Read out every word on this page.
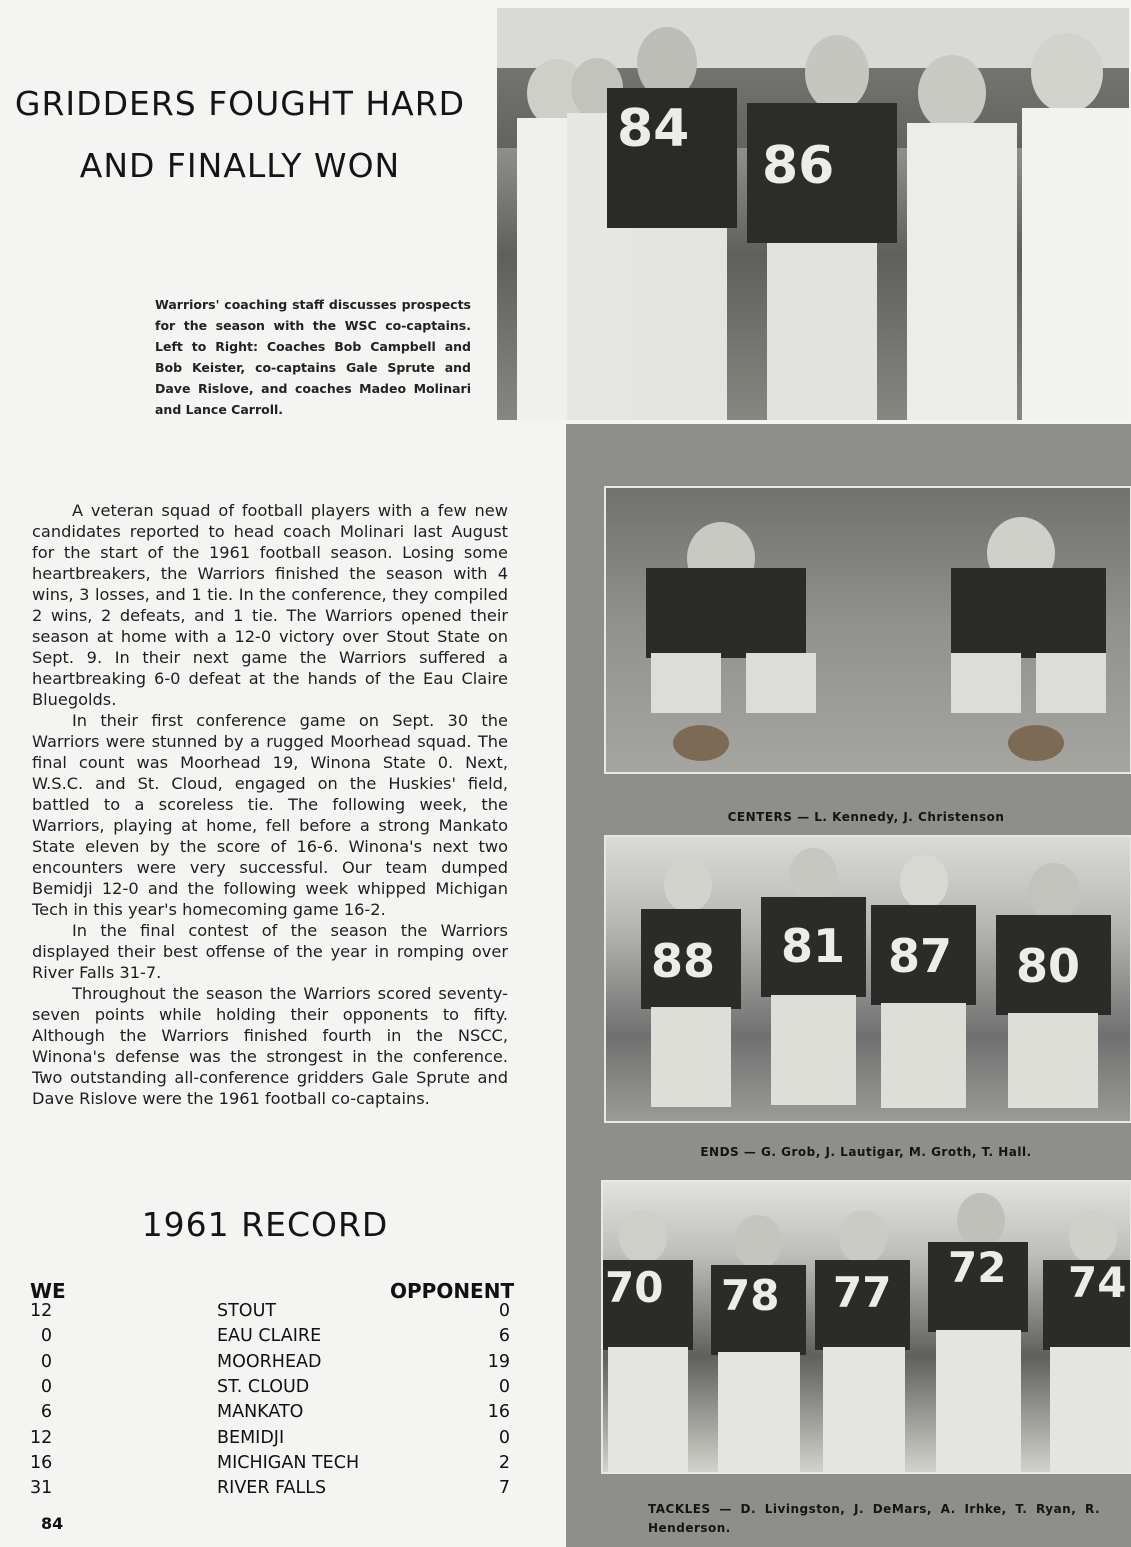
GRIDDERS FOUGHT HARD
AND FINALLY WON
84
86
Warriors' coaching staff discusses prospects for the season with the WSC co-captains. Left to Right: Coaches Bob Campbell and Bob Keister, co-captains Gale Sprute and Dave Rislove, and coaches Madeo Molinari and Lance Carroll.
CENTERS — L. Kennedy, J. Christenson
88 81 87 80
ENDS — G. Grob, J. Lautigar, M. Groth, T. Hall.
70 78 77
72 74
TACKLES — D. Livingston, J. DeMars, A. Irhke, T. Ryan, R. Henderson.

A veteran squad of football players with a few new candidates reported to head coach Molinari last August for the start of the 1961 football season. Losing some heartbreakers, the Warriors finished the season with 4 wins, 3 losses, and 1 tie. In the conference, they compiled 2 wins, 2 defeats, and 1 tie. The Warriors opened their season at home with a 12-0 victory over Stout State on Sept. 9. In their next game the Warriors suffered a heartbreaking 6-0 defeat at the hands of the Eau Claire Bluegolds.

In their first conference game on Sept. 30 the Warriors were stunned by a rugged Moorhead squad. The final count was Moorhead 19, Winona State 0. Next, W.S.C. and St. Cloud, engaged on the Huskies' field, battled to a scoreless tie. The following week, the Warriors, playing at home, fell before a strong Mankato State eleven by the score of 16-6. Winona's next two encounters were very successful. Our team dumped Bemidji 12-0 and the following week whipped Michigan Tech in this year's homecoming game 16-2.

In the final contest of the season the Warriors displayed their best offense of the year in romping over River Falls 31-7.

Throughout the season the Warriors scored seventy-seven points while holding their opponents to fifty. Although the Warriors finished fourth in the NSCC, Winona's defense was the strongest in the conference. Two outstanding all-conference gridders Gale Sprute and Dave Rislove were the 1961 football co-captains.

1961 RECORD
WE	OPPONENT
12	STOUT	0
0	EAU CLAIRE	6
0	MOORHEAD	19
0	ST. CLOUD	0
6	MANKATO	16
12	BEMIDJI	0
16	MICHIGAN TECH	2
31	RIVER FALLS	7
84
